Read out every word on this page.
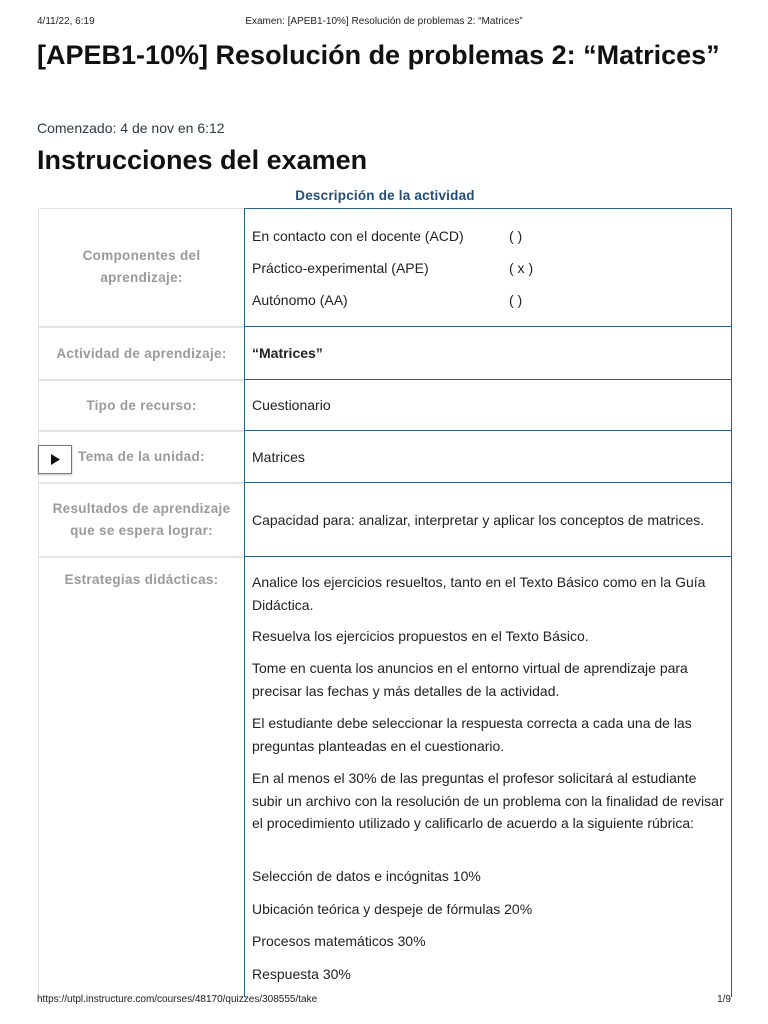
4/11/22, 6:19	Examen: [APEB1-10%] Resolución de problemas 2: “Matrices”
[APEB1-10%] Resolución de problemas 2: “Matrices”
Comenzado: 4 de nov en 6:12
Instrucciones del examen
Descripción de la actividad
Componentes del aprendizaje:
En contacto con el docente (ACD)	( )
Práctico-experimental (APE)	( x )
Autónomo (AA)	( )
Actividad de aprendizaje:	“Matrices”
Tipo de recurso:	Cuestionario
Tema de la unidad:	Matrices
Resultados de aprendizaje que se espera lograr:
Capacidad para: analizar, interpretar y aplicar los conceptos de matrices.
Estrategias didácticas:	Analice los ejercicios resueltos, tanto en el Texto Básico como en la Guía Didáctica.
Resuelva los ejercicios propuestos en el Texto Básico.
Tome en cuenta los anuncios en el entorno virtual de aprendizaje para precisar las fechas y más detalles de la actividad.
El estudiante debe seleccionar la respuesta correcta a cada una de las preguntas planteadas en el cuestionario.
En al menos el 30% de las preguntas el profesor solicitará al estudiante subir un archivo con la resolución de un problema con la finalidad de revisar el procedimiento utilizado y calificarlo de acuerdo a la siguiente rúbrica:
Selección de datos e incógnitas 10%
Ubicación teórica y despeje de fórmulas 20%
Procesos matemáticos 30%
Respuesta 30%
https://utpl.instructure.com/courses/48170/quizzes/308555/take	1/9
